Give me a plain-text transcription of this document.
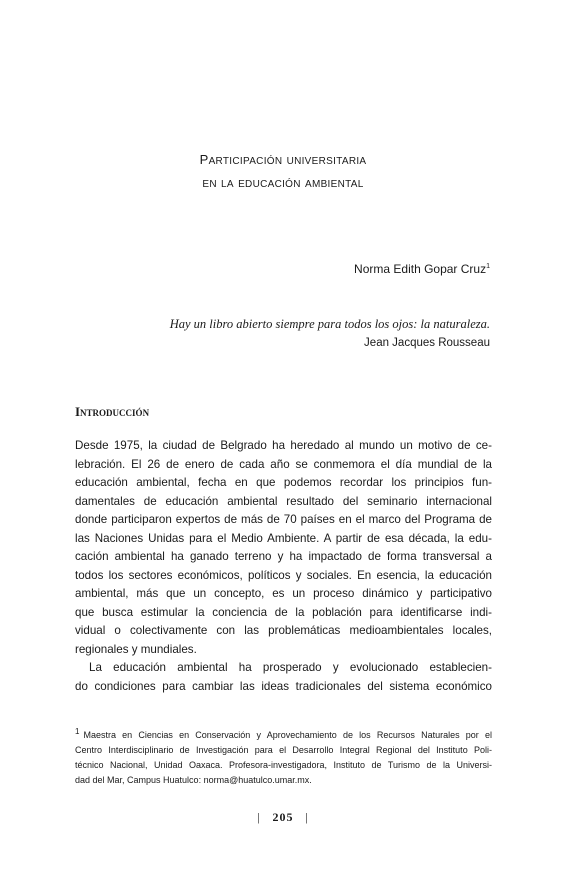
participación universitaria
en la educación ambiental
Norma Edith Gopar Cruz$^1$
Hay un libro abierto siempre para todos los ojos: la naturaleza.
Jean Jacques Rousseau
Introducción

Desde 1975, la ciudad de Belgrado ha heredado al mundo un motivo de ce-
lebración. El 26 de enero de cada año se conmemora el día mundial de la
educación ambiental, fecha en que podemos recordar los principios fun-
damentales de educación ambiental resultado del seminario internacional
donde participaron expertos de más de 70 países en el marco del Programa de
las Naciones Unidas para el Medio Ambiente. A partir de esa década, la edu-
cación ambiental ha ganado terreno y ha impactado de forma transversal a
todos los sectores económicos, políticos y sociales. En esencia, la educación
ambiental, más que un concepto, es un proceso dinámico y participativo
que busca estimular la conciencia de la población para identificarse indi-
vidual o colectivamente con las problemáticas medioambientales locales,
regionales y mundiales.

La educación ambiental ha prosperado y evolucionado establecien-
do condiciones para cambiar las ideas tradicionales del sistema económico

$^1$ Maestra en Ciencias en Conservación y Aprovechamiento de los Recursos Naturales por el
Centro Interdisciplinario de Investigación para el Desarrollo Integral Regional del Instituto Poli-
técnico Nacional, Unidad Oaxaca. Profesora-investigadora, Instituto de Turismo de la Universi-
dad del Mar, Campus Huatulco: norma@huatulco.umar.mx.
| 205 |
